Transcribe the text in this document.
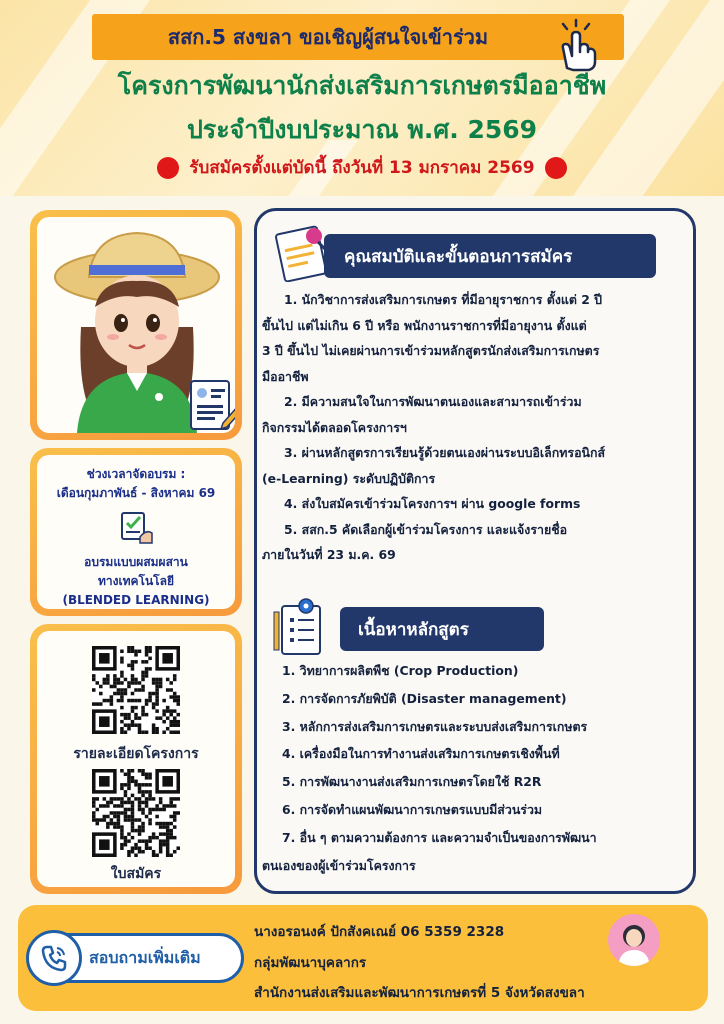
สสก.5 สงขลา ขอเชิญผู้สนใจเข้าร่วม
โครงการพัฒนานักส่งเสริมการเกษตรมืออาชีพ
ประจำปีงบประมาณ พ.ศ. 2569
รับสมัครตั้งแต่บัดนี้ ถึงวันที่ 13 มกราคม 2569
ช่วงเวลาจัดอบรม :
เดือนกุมภาพันธ์ - สิงหาคม 69
อบรมแบบผสมผสาน
ทางเทคโนโลยี
(BLENDED LEARNING)
รายละเอียดโครงการ
ใบสมัคร
คุณสมบัติและขั้นตอนการสมัคร
1. นักวิชาการส่งเสริมการเกษตร ที่มีอายุราชการ ตั้งแต่ 2 ปี
ขึ้นไป แต่ไม่เกิน 6 ปี หรือ พนักงานราชการที่มีอายุงาน ตั้งแต่
3 ปี ขึ้นไป ไม่เคยผ่านการเข้าร่วมหลักสูตรนักส่งเสริมการเกษตร
มืออาชีพ
2. มีความสนใจในการพัฒนาตนเองและสามารถเข้าร่วม
กิจกรรมได้ตลอดโครงการฯ
3. ผ่านหลักสูตรการเรียนรู้ด้วยตนเองผ่านระบบอิเล็กทรอนิกส์
(e-Learning) ระดับปฏิบัติการ
4. ส่งใบสมัครเข้าร่วมโครงการฯ ผ่าน google forms
5. สสก.5 คัดเลือกผู้เข้าร่วมโครงการ และแจ้งรายชื่อ
ภายในวันที่ 23 ม.ค. 69
เนื้อหาหลักสูตร
1. วิทยาการผลิตพืช (Crop Production)
2. การจัดการภัยพิบัติ (Disaster management)
3. หลักการส่งเสริมการเกษตรและระบบส่งเสริมการเกษตร
4. เครื่องมือในการทำงานส่งเสริมการเกษตรเชิงพื้นที่
5. การพัฒนางานส่งเสริมการเกษตรโดยใช้ R2R
6. การจัดทำแผนพัฒนาการเกษตรแบบมีส่วนร่วม
7. อื่น ๆ ตามความต้องการ และความจำเป็นของการพัฒนา
ตนเองของผู้เข้าร่วมโครงการ
สอบถามเพิ่มเติม
นางอรอนงค์ ปักสังคเณย์ 06 5359 2328
กลุ่มพัฒนาบุคลากร
สำนักงานส่งเสริมและพัฒนาการเกษตรที่ 5 จังหวัดสงขลา
